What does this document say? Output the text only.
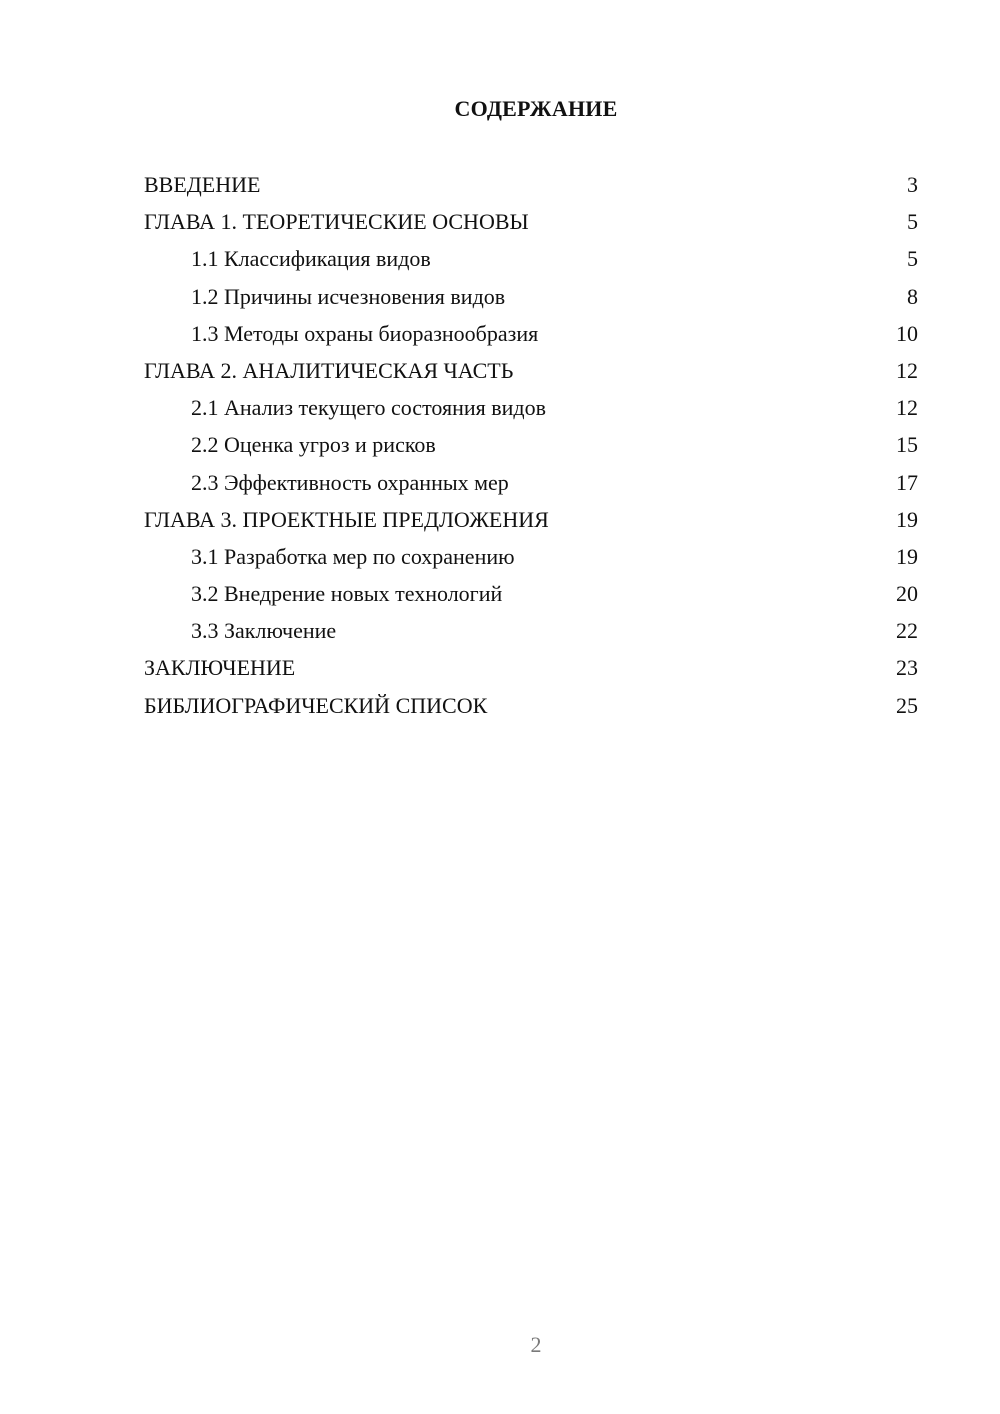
СОДЕРЖАНИЕ
ВВЕДЕНИЕ	3
ГЛАВА 1. ТЕОРЕТИЧЕСКИЕ ОСНОВЫ	5
1.1 Классификация видов	5
1.2 Причины исчезновения видов	8
1.3 Методы охраны биоразнообразия	10
ГЛАВА 2. АНАЛИТИЧЕСКАЯ ЧАСТЬ	12
2.1 Анализ текущего состояния видов	12
2.2 Оценка угроз и рисков	15
2.3 Эффективность охранных мер	17
ГЛАВА 3. ПРОЕКТНЫЕ ПРЕДЛОЖЕНИЯ	19
3.1 Разработка мер по сохранению	19
3.2 Внедрение новых технологий	20
3.3 Заключение	22
ЗАКЛЮЧЕНИЕ	23
БИБЛИОГРАФИЧЕСКИЙ СПИСОК	25
2
